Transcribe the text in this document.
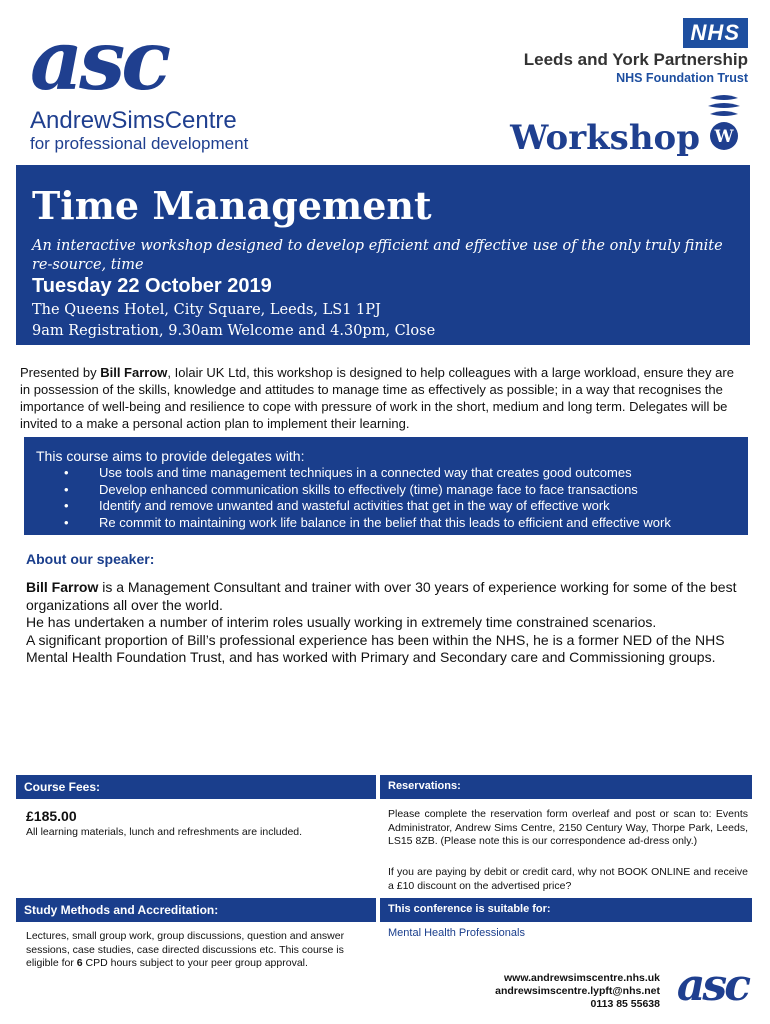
asc
AndrewSimsCentre
for professional development
NHS
Leeds and York Partnership
NHS Foundation Trust
Workshop W
Time Management
An interactive workshop designed to develop efficient and effective use of the only truly finite re-source, time
Tuesday 22 October 2019
The Queens Hotel, City Square, Leeds, LS1 1PJ
9am Registration, 9.30am Welcome and 4.30pm, Close
Presented by Bill Farrow, Iolair UK Ltd, this workshop is designed to help colleagues with a large workload, ensure they are in possession of the skills, knowledge and attitudes to manage time as effectively as possible; in a way that recognises the importance of well-being and resilience to cope with pressure of work in the short, medium and long term. Delegates will be invited to a make a personal action plan to implement their learning.
This course aims to provide delegates with:
• Use tools and time management techniques in a connected way that creates good outcomes
• Develop enhanced communication skills to effectively (time) manage face to face transactions
• Identify and remove unwanted and wasteful activities that get in the way of effective work
• Re commit to maintaining work life balance in the belief that this leads to efficient and effective work
About our speaker:
Bill Farrow is a Management Consultant and trainer with over 30 years of experience working for some of the best organizations all over the world.
He has undertaken a number of interim roles usually working in extremely time constrained scenarios.
A significant proportion of Bill’s professional experience has been within the NHS, he is a former NED of the NHS Mental Health Foundation Trust, and has worked with Primary and Secondary care and Commissioning groups.
Course Fees:	Reservations:
£185.00
All learning materials, lunch and refreshments are included.
Please complete the reservation form overleaf and post or scan to: Events Administrator, Andrew Sims Centre, 2150 Century Way, Thorpe Park, Leeds, LS15 8ZB. (Please note this is our correspondence ad-dress only.)
If you are paying by debit or credit card, why not BOOK ONLINE and receive a £10 discount on the advertised price?
Study Methods and Accreditation:	This conference is suitable for:
Lectures, small group work, group discussions, question and answer sessions, case studies, case directed discussions etc. This course is eligible for 6 CPD hours subject to your peer group approval.
Mental Health Professionals
www.andrewsimscentre.nhs.uk
andrewsimscentre.lypft@nhs.net
0113 85 55638 asc
